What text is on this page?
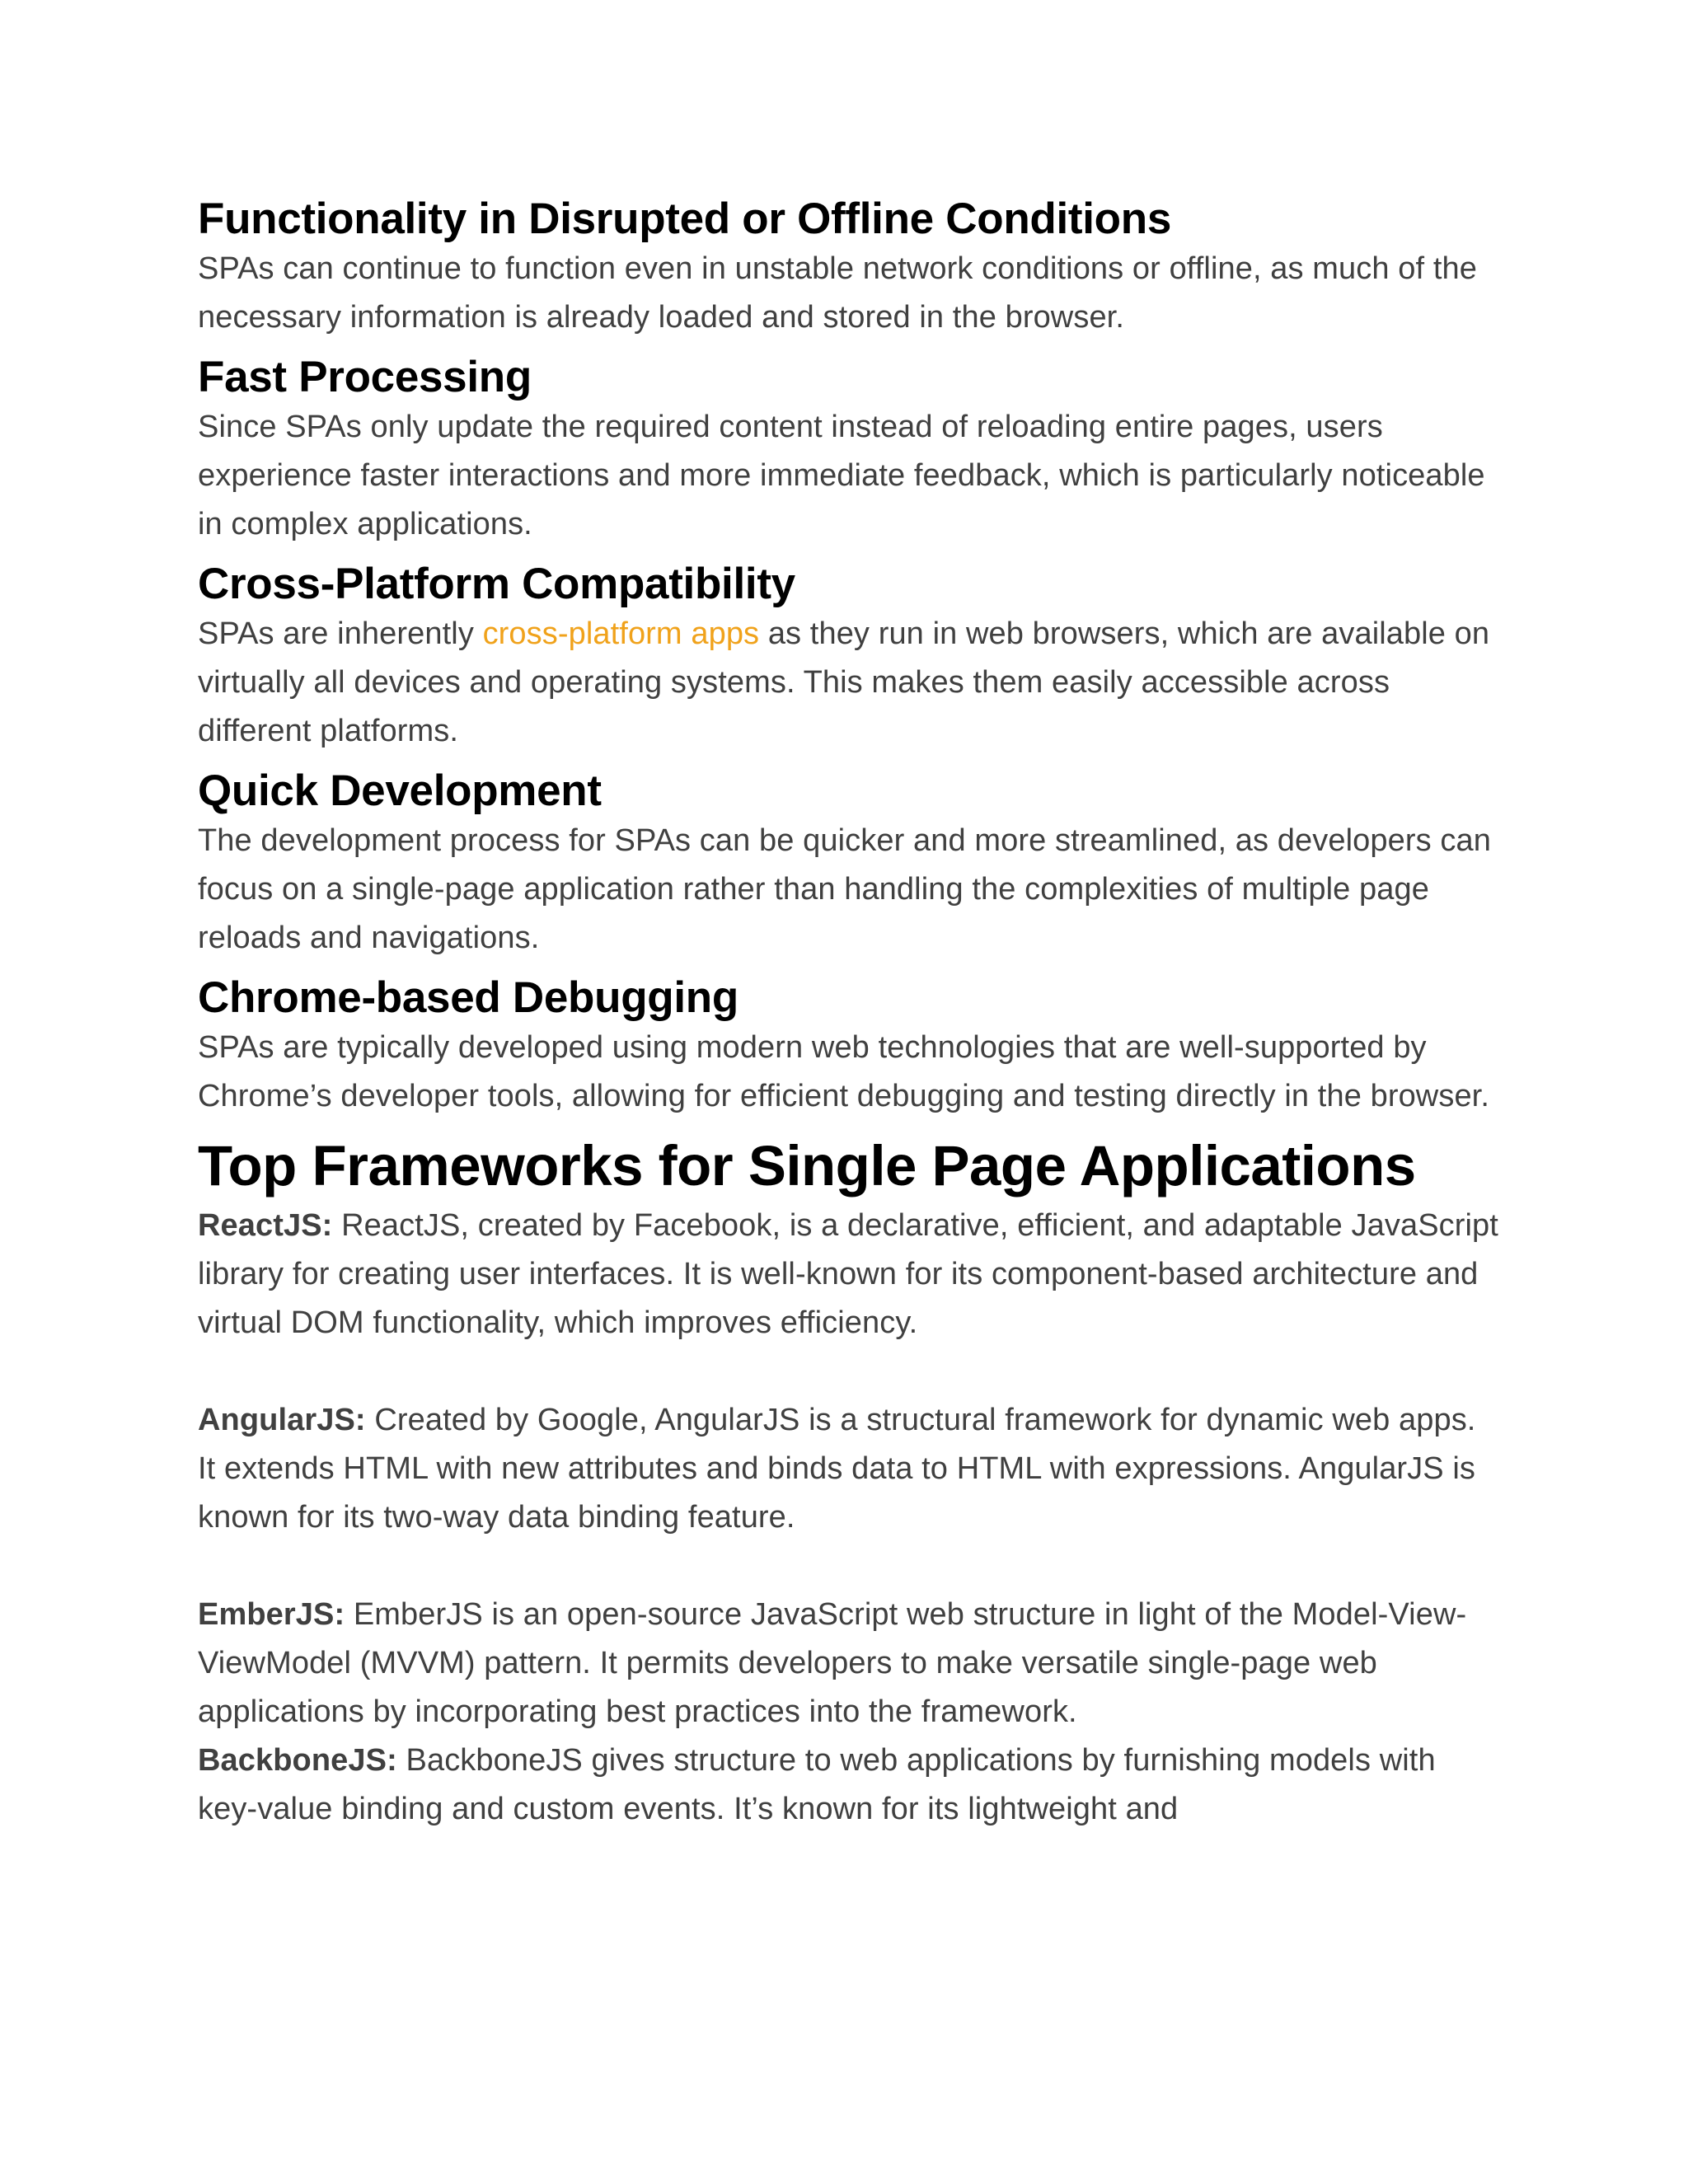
Functionality in Disrupted or Offline Conditions

SPAs can continue to function even in unstable network conditions or offline, as much of the necessary information is already loaded and stored in the browser.

Fast Processing

Since SPAs only update the required content instead of reloading entire pages, users experience faster interactions and more immediate feedback, which is particularly noticeable in complex applications.

Cross-Platform Compatibility

SPAs are inherently cross-platform apps as they run in web browsers, which are available on virtually all devices and operating systems. This makes them easily accessible across different platforms.

Quick Development

The development process for SPAs can be quicker and more streamlined, as developers can focus on a single-page application rather than handling the complexities of multiple page reloads and navigations.

Chrome-based Debugging

SPAs are typically developed using modern web technologies that are well-supported by Chrome’s developer tools, allowing for efficient debugging and testing directly in the browser.

Top Frameworks for Single Page Applications

ReactJS: ReactJS, created by Facebook, is a declarative, efficient, and adaptable JavaScript library for creating user interfaces. It is well-known for its component-based architecture and virtual DOM functionality, which improves efficiency.

AngularJS: Created by Google, AngularJS is a structural framework for dynamic web apps. It extends HTML with new attributes and binds data to HTML with expressions. AngularJS is known for its two-way data binding feature.

EmberJS: EmberJS is an open-source JavaScript web structure in light of the Model-View-ViewModel (MVVM) pattern. It permits developers to make versatile single-page web applications by incorporating best practices into the framework.

BackboneJS: BackboneJS gives structure to web applications by furnishing models with key-value binding and custom events. It’s known for its lightweight and
